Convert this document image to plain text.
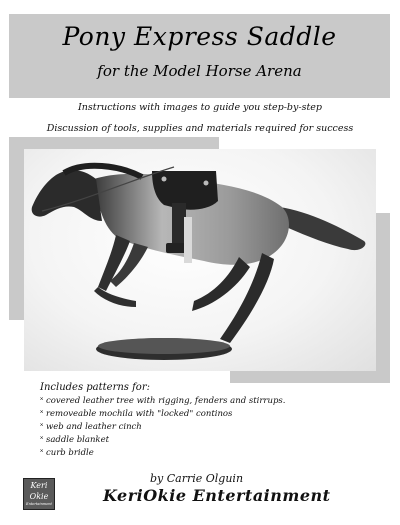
Pony Express Saddle
for the Model Horse Arena
Instructions with images to guide you step-by-step
Discussion of tools, supplies and materials required for success
Includes patterns for:
˟ covered leather tree with rigging, fenders and stirrups.
˟ removeable mochila with "locked" continos
˟ web and leather cinch
˟ saddle blanket
˟ curb bridle
Keri
Okie
Entertainment
by Carrie Olguin
KeriOkie Entertainment
